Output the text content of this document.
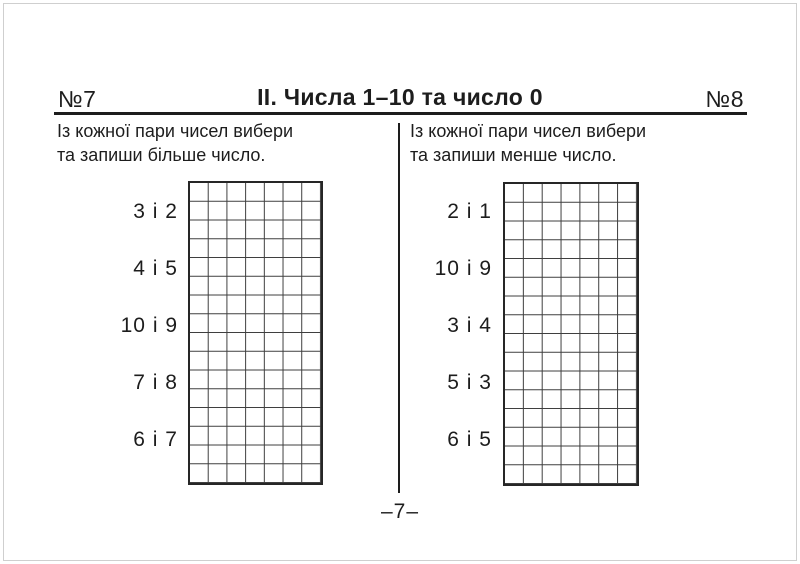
№7	II. Числа 1–10 та число 0	№8
Із кожної пари чисел вибери
та запиши більше число.
3 і 2
4 і 5
10 і 9
7 і 8
6 і 7
Із кожної пари чисел вибери
та запиши менше число.
2 і 1
10 і 9
3 і 4
5 і 3
6 і 5
–7–
